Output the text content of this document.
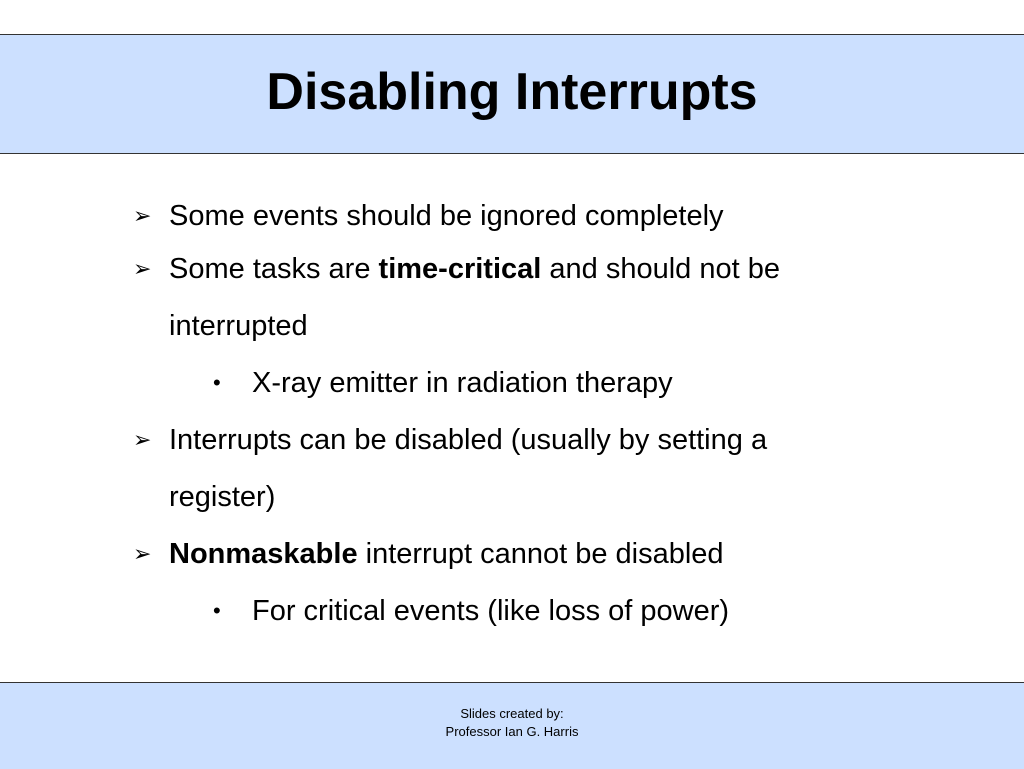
Disabling Interrupts
➢ Some events should be ignored completely
➢ Some tasks are time-critical and should not be
interrupted
• X-ray emitter in radiation therapy
➢ Interrupts can be disabled (usually by setting a
register)
➢ Nonmaskable interrupt cannot be disabled
• For critical events (like loss of power)
Slides created by:
Professor Ian G. Harris
